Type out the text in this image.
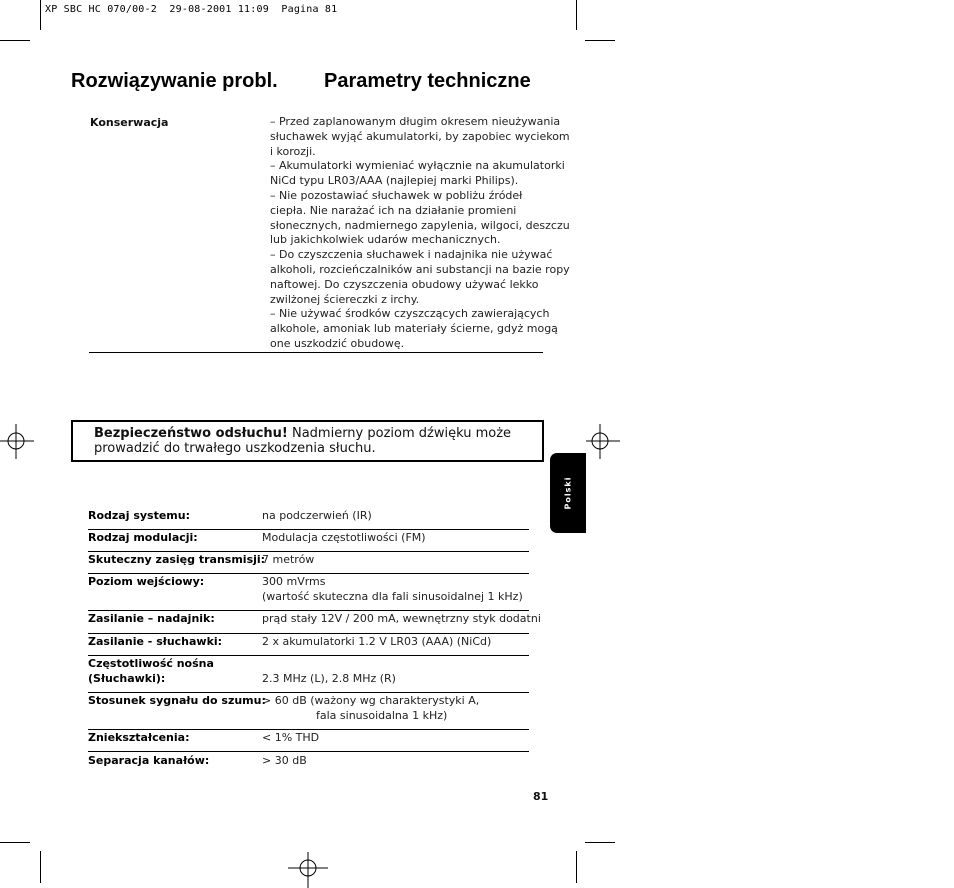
XP SBC HC 070/00-2  29-08-2001 11:09  Pagina 81
Rozwiązywanie probl. Parametry techniczne
Konserwacja	– Przed zaplanowanym długim okresem nieużywania
słuchawek wyjąć akumulatorki, by zapobiec wyciekom
i korozji.
– Akumulatorki wymieniać wyłącznie na akumulatorki
NiCd typu LR03/AAA (najlepiej marki Philips).
– Nie pozostawiać słuchawek w pobliżu źródeł
ciepła. Nie narażać ich na działanie promieni
słonecznych, nadmiernego zapylenia, wilgoci, deszczu
lub jakichkolwiek udarów mechanicznych.
– Do czyszczenia słuchawek i nadajnika nie używać
alkoholi, rozcieńczalników ani substancji na bazie ropy
naftowej. Do czyszczenia obudowy używać lekko
zwilżonej ściereczki z irchy.
– Nie używać środków czyszczących zawierających
alkohole, amoniak lub materiały ścierne, gdyż mogą
one uszkodzić obudowę.
Bezpieczeństwo odsłuchu! Nadmierny poziom dźwięku może
prowadzić do trwałego uszkodzenia słuchu.
Polski
Rodzaj systemu:	na podczerwień (IR)
Rodzaj modulacji:	Modulacja częstotliwości (FM)
Skuteczny zasięg transmisji:
7 metrów
Poziom wejściowy:	300 mVrms
(wartość skuteczna dla fali sinusoidalnej 1 kHz)
Zasilanie – nadajnik:	prąd stały 12V / 200 mA, wewnętrzny styk dodatni
Zasilanie - słuchawki:	2 x akumulatorki 1.2 V LR03 (AAA) (NiCd)
Częstotliwość nośna
(Słuchawki):	2.3 MHz (L), 2.8 MHz (R)
Stosunek sygnału do szumu:
> 60 dB (ważony wg charakterystyki A,
fala sinusoidalna 1 kHz)
Zniekształcenia:	< 1% THD
Separacja kanałów:	> 30 dB
81
